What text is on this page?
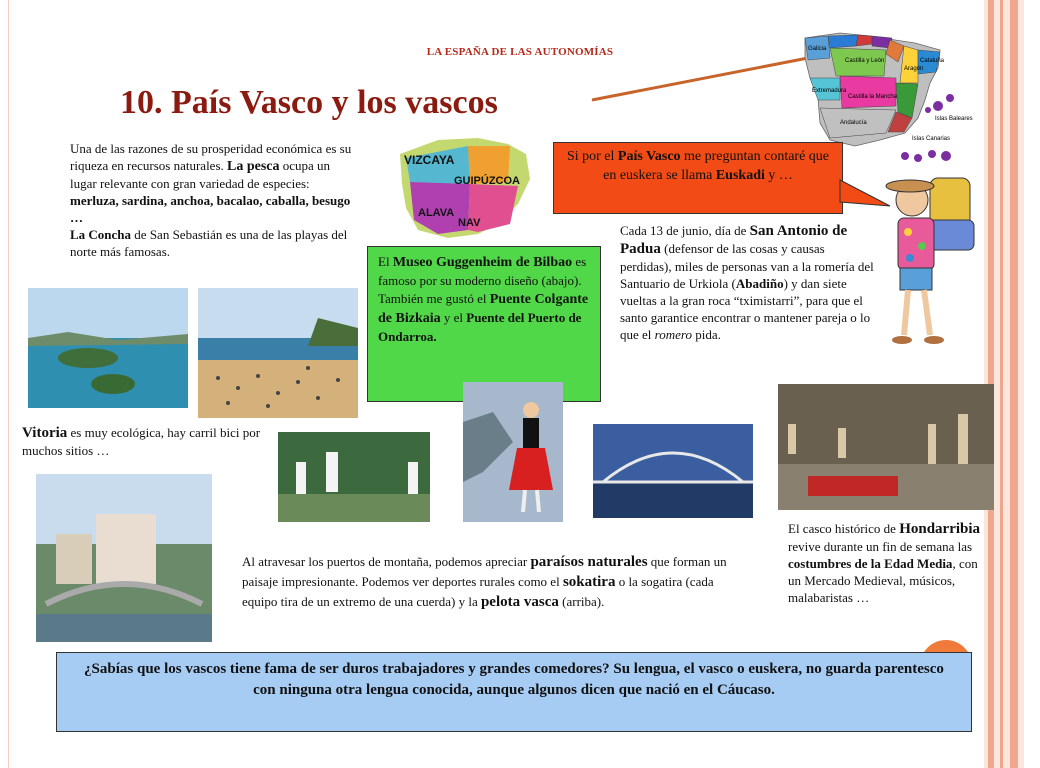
LA ESPAÑA DE LAS AUTONOMÍAS
10. País Vasco y los vascos
Galicia
Castilla y León	Cataluña
Aragón
Extremadura
Castilla la Mancha
Andalucía
Islas Baleares
Islas Canarias
VIZCAYA
GUIPÚZCOA
ALAVA
NAV
Una de las razones de su prosperidad económica es su riqueza en recursos naturales. La pesca ocupa un lugar relevante con gran variedad de especies: merluza, sardina, anchoa, bacalao, caballa, besugo …
La Concha de San Sebastián es una de las playas del norte más famosas.
Si por el País Vasco me preguntan contaré que en euskera se llama Euskadi y …
Cada 13 de junio, día de San Antonio de Padua (defensor de las cosas y causas perdidas), miles de personas van a la romería del Santuario de Urkiola (Abadiño) y dan siete vueltas a la gran roca “tximistarri”, para que el santo garantice encontrar o mantener pareja o lo que el romero pida.
El Museo Guggenheim de Bilbao es famoso por su moderno diseño (abajo). También me gustó el Puente Colgante de Bizkaia y el Puente del Puerto de Ondarroa.
Vitoria es muy ecológica, hay carril bici por muchos sitios …
Al atravesar los puertos de montaña, podemos apreciar paraísos naturales que forman un paisaje impresionante. Podemos ver deportes rurales como el sokatira o la sogatira (cada equipo tira de un extremo de una cuerda) y la pelota vasca (arriba).
El casco histórico de Hondarribia revive durante un fin de semana las costumbres de la Edad Media, con un Mercado Medieval, músicos, malabaristas …
¿Sabías que los vascos tiene fama de ser duros trabajadores y grandes comedores? Su lengua, el vasco o euskera, no guarda parentesco con ninguna otra lengua conocida, aunque algunos dicen que nació en el Cáucaso.
